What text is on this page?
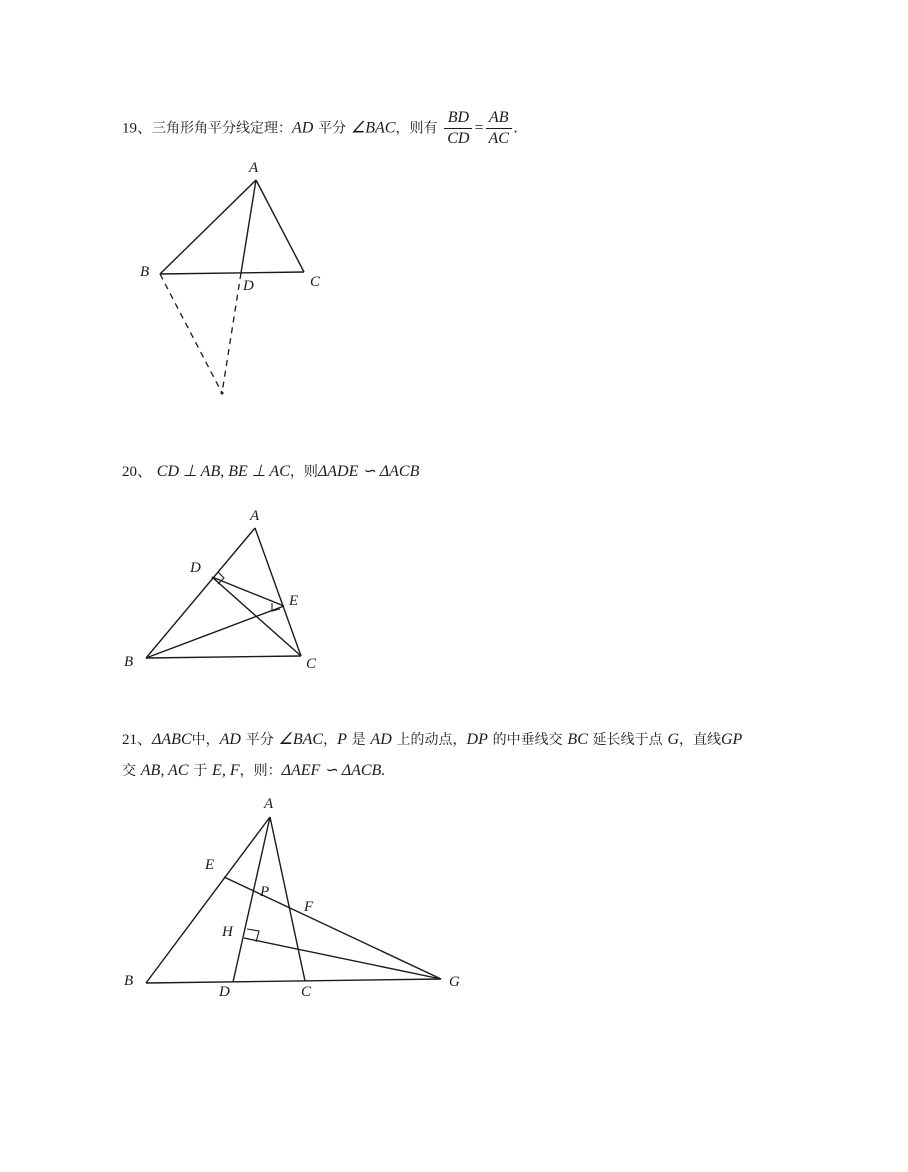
19、三角形角平分线定理：AD 平分 ∠BAC，则有 $\frac{BD}{CD} = \frac{AB}{AC}$ .
20、 CD ⊥ AB, BE ⊥ AC，则ΔADE ∽ ΔACB
21、ΔABC中，AD 平分 ∠BAC，P 是 AD 上的动点，DP 的中垂线交 BC 延长线于点 G，直线GP
交 AB, AC 于 E, F，则：ΔAEF ∽ ΔACB.
A
B
C
D
A
B	C
D
E
A
B
C
D
E
F
G
H
P
